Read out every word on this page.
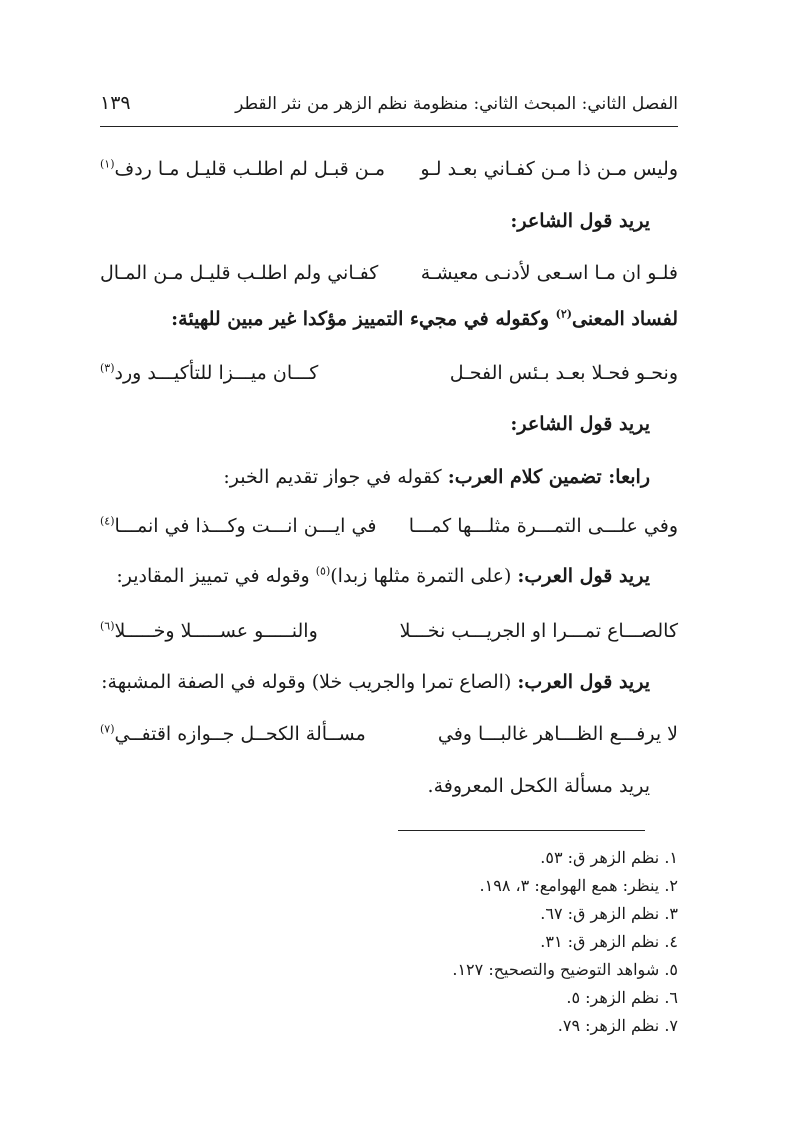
الفصل الثاني: المبحث الثاني: منظومة نظم الزهر من نثر القطر
١٣٩
وليس مـن ذا مـن كفـاني بعـد لـو
مـن قبـل لم اطلـب قليـل مـا ردف$^{(١)}$
يريد قول الشاعر:
فلـو ان مـا اسـعى لأدنـى معيشـة
كفـاني ولم اطلـب قليـل مـن المـال
لفساد المعنى$^{(٢)}$ وكقوله في مجيء التمييز مؤكدا غير مبين للهيئة:
ونحـو فحـلا بعـد بـئس الفحـل
كـــان ميـــزا للتأكيـــد ورد$^{(٣)}$
يريد قول الشاعر:
رابعا: تضمين كلام العرب: كقوله في جواز تقديم الخبر:
وفي علـــى التمـــرة مثلـــها كمـــا
في ايـــن انـــت وكـــذا في انمـــا$^{(٤)}$
يريد قول العرب: (على التمرة مثلها زبدا)$^{(٥)}$ وقوله في تمييز المقادير:
كالصـــاع تمـــرا او الجريـــب نخـــلا
والنـــــو عســـــلا وخـــــلا$^{(٦)}$
يريد قول العرب: (الصاع تمرا والجريب خلا) وقوله في الصفة المشبهة:
لا يرفـــع الظـــاهر غالبـــا وفي
مســألة الكحــل جــوازه اقتفــي$^{(٧)}$
يريد مسألة الكحل المعروفة.
١. نظم الزهر ق: ٥٣.
٢. ينظر: همع الهوامع: ٣، ١٩٨.
٣. نظم الزهر ق: ٦٧.
٤. نظم الزهر ق: ٣١.
٥. شواهد التوضيح والتصحيح: ١٢٧.
٦. نظم الزهر: ٥.
٧. نظم الزهر: ٧٩.
